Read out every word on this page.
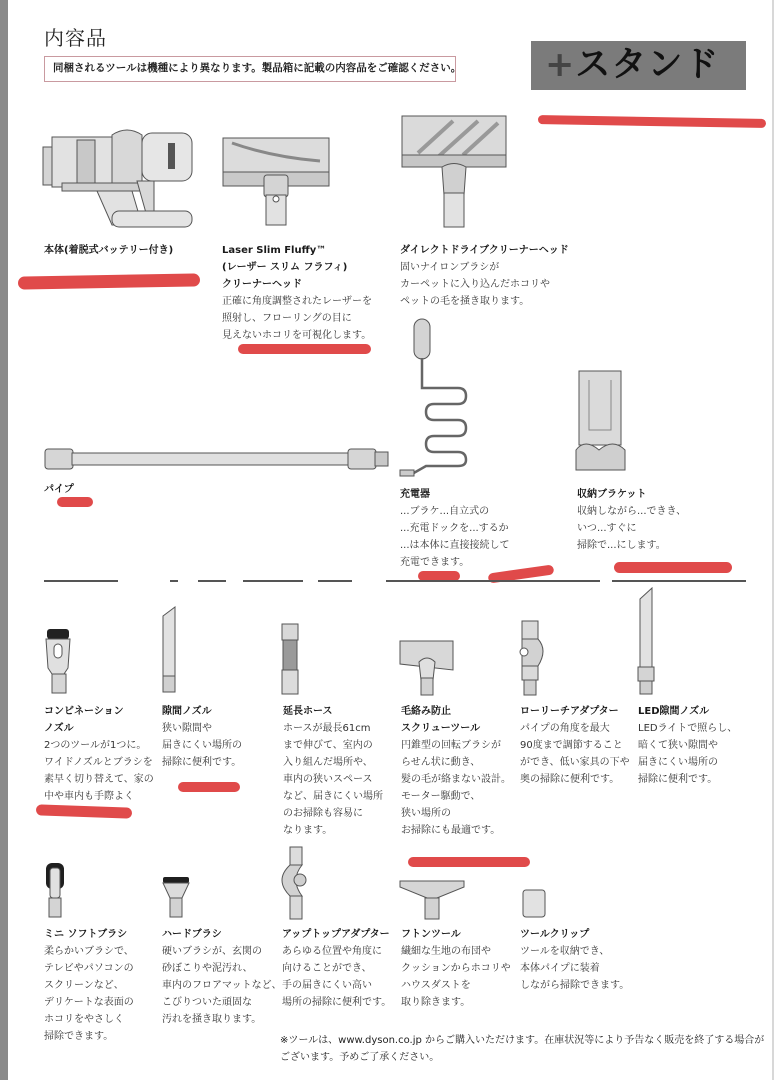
内容品
同梱されるツールは機種により異なります。製品箱に記載の内容品をご確認ください。	+スタンド
本体(着脱式バッテリー付き)	Laser Slim Fluffy™
(レーザー スリム フラフィ)
クリーナーヘッド
正確に角度調整されたレーザーを
照射し、フローリングの目に
見えないホコリを可視化します。
ダイレクトドライブクリーナーヘッド
固いナイロンブラシが
カーペットに入り込んだホコリや
ペットの毛を掻き取ります。
パイプ	充電器
...ブラケ...自立式の
...充電ドックを...するか
...は本体に直接接続して
充電できます。
収納ブラケット
収納しながら...できき、
いつ...すぐに
掃除で...にします。
コンビネーション
ノズル
2つのツールが1つに。
ワイドノズルとブラシを
素早く切り替えて、家の
中や車内も手際よく
隙間ノズル
狭い隙間や
届きにくい場所の
掃除に便利です。
延長ホース
ホースが最長61cm
まで伸びて、室内の
入り組んだ場所や、
車内の狭いスペース
など、届きにくい場所
のお掃除も容易に
なります。
毛絡み防止
スクリューツール
円錐型の回転ブラシが
らせん状に動き、
髪の毛が絡まない設計。
モーター駆動で、
狭い場所の
お掃除にも最適です。
ローリーチアダプター
パイプの角度を最大
90度まで調節すること
ができ、低い家具の下や
奥の掃除に便利です。
LED隙間ノズル
LEDライトで照らし、
暗くて狭い隙間や
届きにくい場所の
掃除に便利です。
ミニ ソフトブラシ
柔らかいブラシで、
テレビやパソコンの
スクリーンなど、
デリケートな表面の
ホコリをやさしく
掃除できます。
ハードブラシ
硬いブラシが、玄関の
砂ぼこりや泥汚れ、
車内のフロアマットなど、
こびりついた頑固な
汚れを掻き取ります。
アップトップアダプター
あらゆる位置や角度に
向けることができ、
手の届きにくい高い
場所の掃除に便利です。
フトンツール
繊細な生地の布団や
クッションからホコリや
ハウスダストを
取り除きます。
ツールクリップ
ツールを収納でき、
本体パイプに装着
しながら掃除できます。
※ツールは、www.dyson.co.jp からご購入いただけます。在庫状況等により予告なく販売を終了する場合が
ございます。予めご了承ください。
